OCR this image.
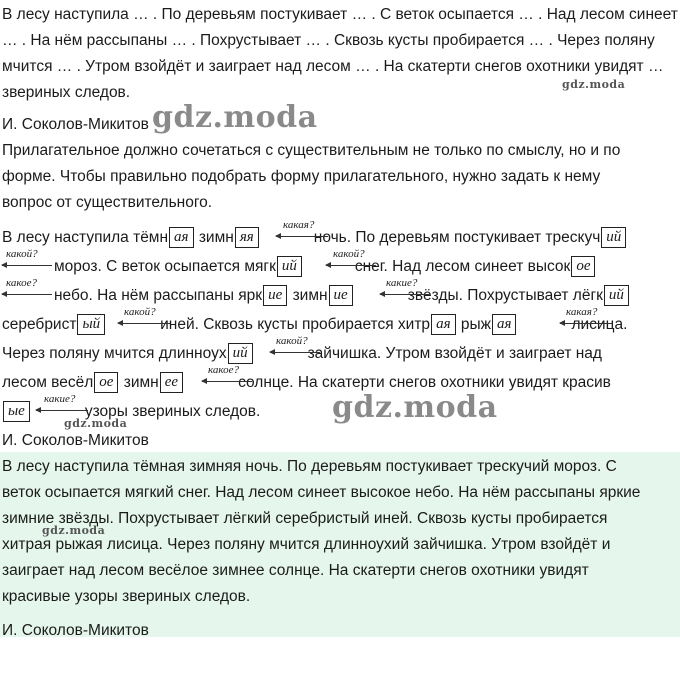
В лесу наступила … . По деревьям постукивает … . С веток осыпается … . Над лесом синеет
… . На нём рассыпаны … . Похрустывает … . Сквозь кусты пробирается … . Через поляну
мчится … . Утром взойдёт и заиграет над лесом … . На скатерти снегов охотники увидят …
звериных следов.	gdz.moda
И. Соколов-Микитов gdz.moda
Прилагательное должно сочетаться с существительным не только по смыслу, но и по
форме. Чтобы правильно подобрать форму прилагательного, нужно задать к нему
вопрос от существительного.
В лесу наступила тёмн ая зимн яя	ночь. По деревьям постукивает трескуч ий
какая?
мороз. С веток осыпается мягк ий	снег. Над лесом синеет высок ое
какой?	какой?
небо. На нём рассыпаны ярк ие зимн ие	звёзды. Похрустывает лёгк ий
какое?	какие?
серебрист ый	иней. Сквозь кусты пробирается хитр ая рыж ая	лисица.
какой?	какая?
Через поляну мчится длинноух ий	зайчишка. Утром взойдёт и заиграет над
какой?
лесом весёл ое зимн ее	солнце. На скатерти снегов охотники увидят красив
какое?
ые	узоры звериных следов.
какие?
gdz.moda	gdz.moda
И. Соколов-Микитов
В лесу наступила тёмная зимняя ночь. По деревьям постукивает трескучий мороз. С
веток осыпается мягкий снег. Над лесом синеет высокое небо. На нём рассыпаны яркие
зимние звёзды. Похрустывает лёгкий серебристый иней. Сквозь кусты пробирается
gdz.moda
хитрая рыжая лисица. Через поляну мчится длинноухий зайчишка. Утром взойдёт и
заиграет над лесом весёлое зимнее солнце. На скатерти снегов охотники увидят
красивые узоры звериных следов.
И. Соколов-Микитов
